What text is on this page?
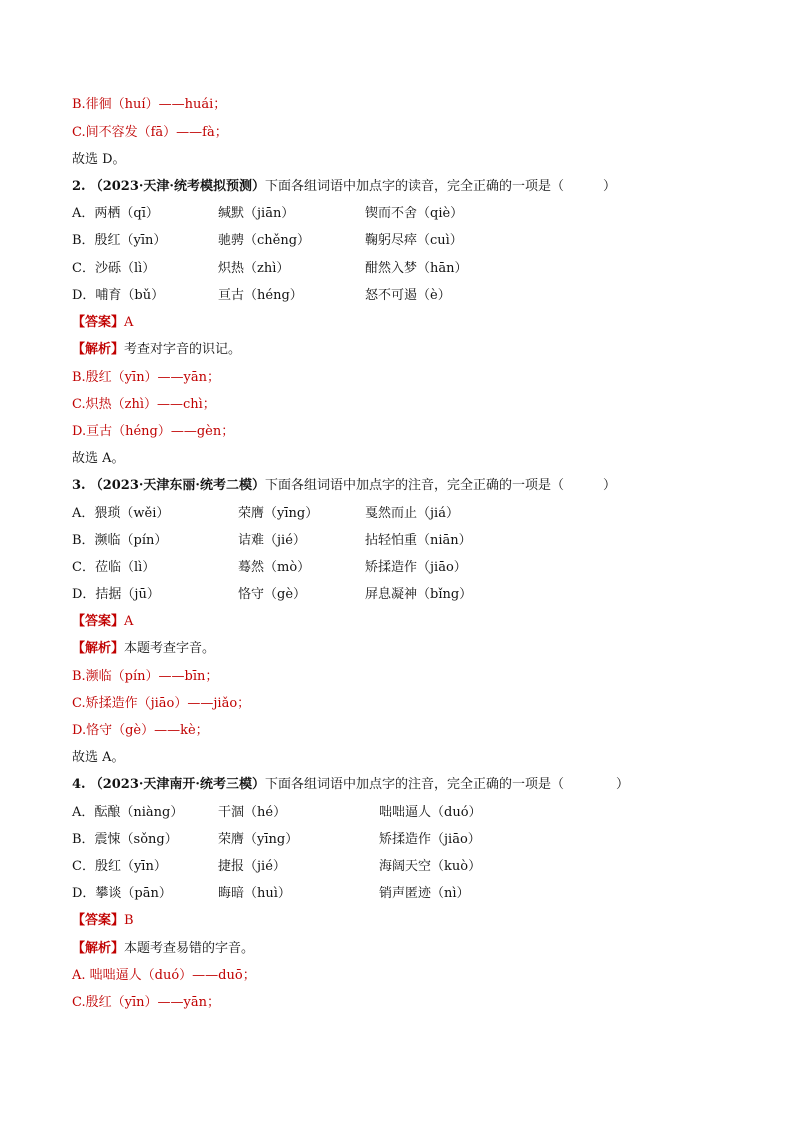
B.徘徊（huí）——huái；
C.间不容发（fā）——fà；
故选 D。
2. （2023·天津·统考模拟预测）下面各组词语中加点字的读音，完全正确的一项是（　　　）
A．两栖（qī）	缄默（jiān）	锲而不舍（qiè）
B．殷红（yīn）	驰骋（chěng）	鞠躬尽瘁（cuì）
C．沙砾（lì）	炽热（zhì）	酣然入梦（hān）
D．哺育（bǔ）	亘古（héng）	怒不可遏（è）
【答案】A
【解析】考查对字音的识记。
B.殷红（yīn）——yān；
C.炽热（zhì）——chì；
D.亘古（héng）——gèn；
故选 A。
3. （2023·天津东丽·统考二模）下面各组词语中加点字的注音，完全正确的一项是（　　　）
A．猥琐（wěi）	荣膺（yīng）	戛然而止（jiá）
B．濒临（pín）	诘难（jié）	拈轻怕重（niān）
C．莅临（lì）	蓦然（mò）	矫揉造作（jiāo）
D．拮据（jū）	恪守（gè）	屏息凝神（bǐng）
【答案】A
【解析】本题考查字音。
B.濒临（pín）——bīn；
C.矫揉造作（jiāo）——jiǎo；
D.恪守（gè）——kè；
故选 A。
4. （2023·天津南开·统考三模）下面各组词语中加点字的注音，完全正确的一项是（　　　　）
A．酝酿（niàng）	干涸（hé）	咄咄逼人（duó）
B．震悚（sǒng）	荣膺（yīng）	矫揉造作（jiāo）
C．殷红（yīn）	捷报（jié）	海阔天空（kuò）
D．攀谈（pān）	晦暗（huì）	销声匿迹（nì）
【答案】B
【解析】本题考查易错的字音。
A. 咄咄逼人（duó）——duō；
C.殷红（yīn）——yān；
